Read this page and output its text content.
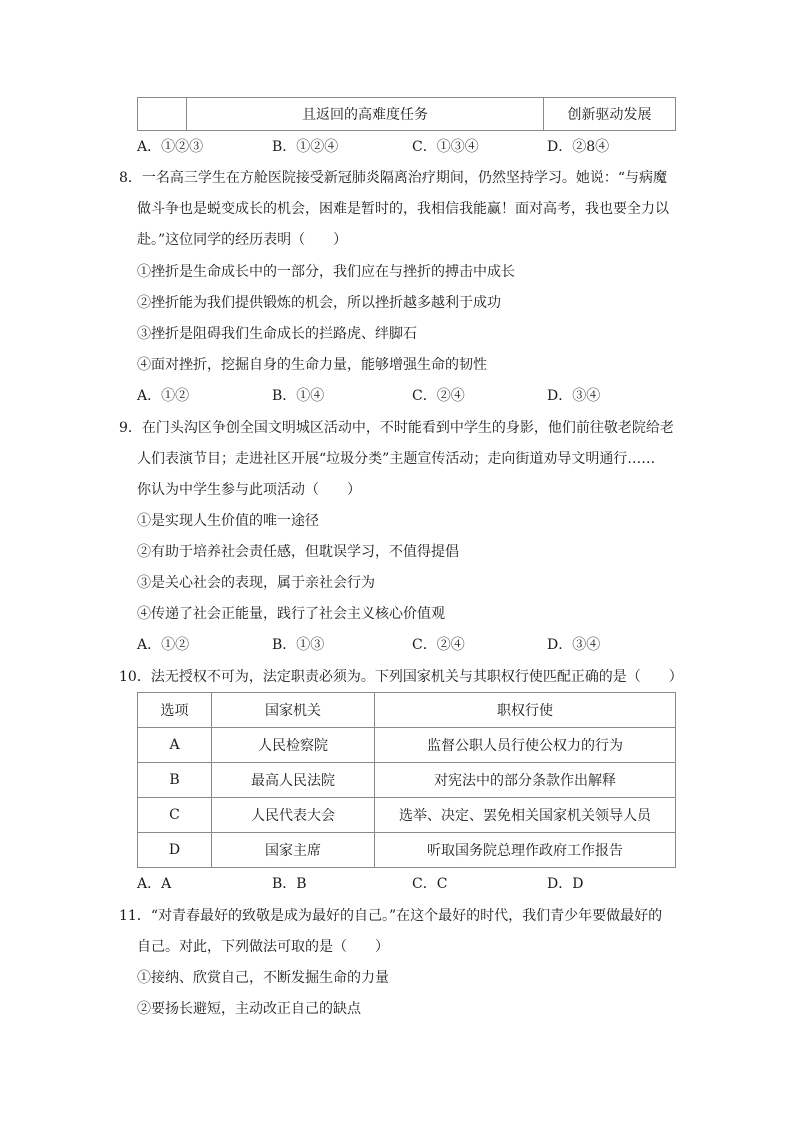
	且返回的高难度任务	创新驱动发展
A．①②③	B．①②④	C．①③④	D．②8④
8．一名高三学生在方舱医院接受新冠肺炎隔离治疗期间，仍然坚持学习。她说：“与病魔
做斗争也是蜕变成长的机会，困难是暂时的，我相信我能赢！面对高考，我也要全力以
赴。”这位同学的经历表明（　　）
①挫折是生命成长中的一部分，我们应在与挫折的搏击中成长
②挫折能为我们提供锻炼的机会，所以挫折越多越利于成功
③挫折是阻碍我们生命成长的拦路虎、绊脚石
④面对挫折，挖掘自身的生命力量，能够增强生命的韧性
A．①②	B．①④	C．②④	D．③④
9．在门头沟区争创全国文明城区活动中，不时能看到中学生的身影，他们前往敬老院给老
人们表演节目；走进社区开展“垃圾分类”主题宣传活动；走向街道劝导文明通行……
你认为中学生参与此项活动（　　）
①是实现人生价值的唯一途径
②有助于培养社会责任感，但耽误学习，不值得提倡
③是关心社会的表现，属于亲社会行为
④传递了社会正能量，践行了社会主义核心价值观
A．①②	B．①③	C．②④	D．③④
10．法无授权不可为，法定职责必须为。下列国家机关与其职权行使匹配正确的是（　　）
选项	国家机关	职权行使
A	人民检察院	监督公职人员行使公权力的行为
B	最高人民法院	对宪法中的部分条款作出解释
C	人民代表大会	选举、决定、罢免相关国家机关领导人员
D	国家主席	听取国务院总理作政府工作报告
A．A	B．B	C．C	D．D
11．“对青春最好的致敬是成为最好的自己。”在这个最好的时代，我们青少年要做最好的
自己。对此，下列做法可取的是（　　）
①接纳、欣赏自己，不断发掘生命的力量
②要扬长避短，主动改正自己的缺点
